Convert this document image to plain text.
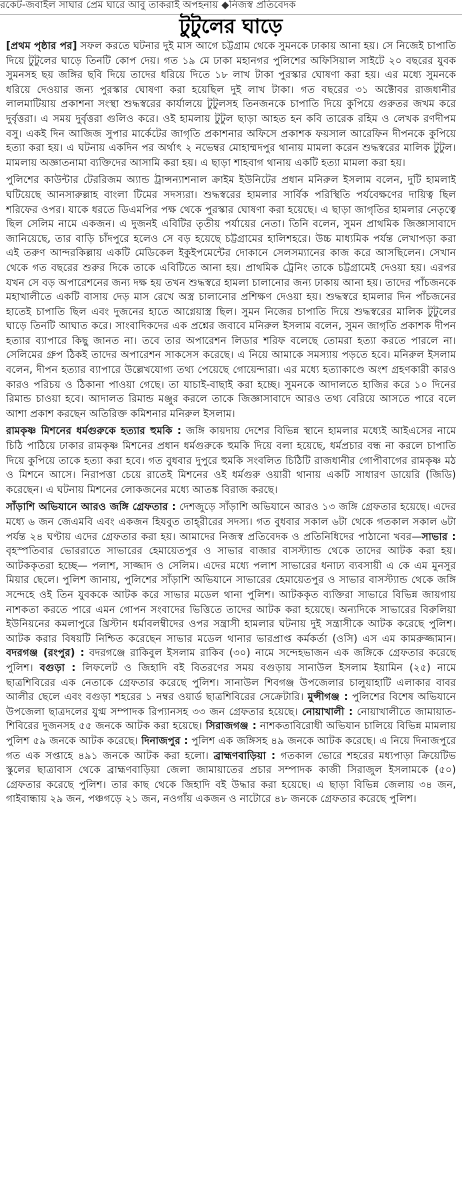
রকেট-জবাইল সাঘার প্রেম ঘারে আবু তাকরাই অপহনায় ◆নিজস্ব প্রতিবেদক
টুটুলের ঘাড়ে

[প্রথম পৃষ্ঠার পর] সফল করতে ঘটনার দুই মাস আগে চট্টগ্রাম থেকে সুমনকে ঢাকায় আনা হয়। সে নিজেই চাপাতি দিয়ে টুটুলের ঘাড়ে তিনটি কোপ দেয়। গত ১৯ মে ঢাকা মহানগর পুলিশের অফিসিয়াল সাইটে ২০ বছরের যুবক সুমনসহ ছয় জঙ্গির ছবি দিয়ে তাদের ধরিয়ে দিতে ১৮ লাখ টাকা পুরস্কার ঘোষণা করা হয়। এর মধ্যে সুমনকে ধরিয়ে দেওয়ার জন্য পুরস্কার ঘোষণা করা হয়েছিল দুই লাখ টাকা। গত বছরের ৩১ অক্টোবর রাজধানীর লালমাটিয়ায় প্রকাশনা সংস্থা শুদ্ধস্বরের কার্যালয়ে টুটুলসহ তিনজনকে চাপাতি দিয়ে কুপিয়ে গুরুতর জখম করে দুর্বৃত্তরা। এ সময় দুর্বৃত্তরা গুলিও করে। ওই হামলায় টুটুল ছাড়া আহত হন কবি তারেক রহিম ও লেখক রণদীপম বসু। একই দিন আজিজ সুপার মার্কেটের জাগৃতি প্রকাশনার অফিসে প্রকাশক ফয়সাল আরেফিন দীপনকে কুপিয়ে হত্যা করা হয়। এ ঘটনায় একদিন পর অর্থাৎ ২ নভেম্বর মোহাম্মদপুর থানায় মামলা করেন শুদ্ধস্বরের মালিক টুটুল। মামলায় অজ্ঞাতনামা ব্যক্তিদের আসামি করা হয়। এ ছাড়া শাহবাগ থানায় একটি হত্যা মামলা করা হয়।

পুলিশের কাউন্টার টেররিজম অ্যান্ড ট্রান্সন্যাশনাল ক্রাইম ইউনিটের প্রধান মনিরুল ইসলাম বলেন, দুটি হামলাই ঘটিয়েছে আনসারুল্লাহ বাংলা টিমের সদস্যরা। শুদ্ধস্বরের হামলার সার্বিক পরিস্থিতি পর্যবেক্ষণের দায়িত্ব ছিল শরিফের ওপর। যাকে ধরতে ডিএমপির পক্ষ থেকে পুরস্কার ঘোষণা করা হয়েছে। এ ছাড়া জাগৃতির হামলার নেতৃত্বে ছিল সেলিম নামে একজন। এ দুজনই এবিটির তৃতীয় পর্যায়ের নেতা। তিনি বলেন, সুমন প্রাথমিক জিজ্ঞাসাবাদে জানিয়েছে, তার বাড়ি চাঁদপুরে হলেও সে বড় হয়েছে চট্টগ্রামের হালিশহরে। উচ্চ মাধ্যমিক পর্যন্ত লেখাপড়া করা এই তরুণ আন্দরকিল্লায় একটি মেডিকেল ইকুইপমেন্টের দোকানে সেলসম্যানের কাজ করে আসছিলেন। সেখান থেকে গত বছরের শুরুর দিকে তাকে এবিটিতে আনা হয়। প্রাথমিক ট্রেনিং তাকে চট্টগ্রামেই দেওয়া হয়। এরপর যখন সে বড় অপারেশনের জন্য দক্ষ হয় তখন শুদ্ধস্বরে হামলা চালানোর জন্য ঢাকায় আনা হয়। তাদের পাঁচজনকে মহাখালীতে একটি বাসায় দেড় মাস রেখে অস্ত্র চালানোর প্রশিক্ষণ দেওয়া হয়। শুদ্ধস্বরে হামলার দিন পাঁচজনের হাতেই চাপাতি ছিল এবং দুজনের হাতে আগ্নেয়াস্ত্র ছিল। সুমন নিজের চাপাতি দিয়ে শুদ্ধস্বরের মালিক টুটুলের ঘাড়ে তিনটি আঘাত করে। সাংবাদিকদের এক প্রশ্নের জবাবে মনিরুল ইসলাম বলেন, সুমন জাগৃতি প্রকাশক দীপন হত্যার ব্যাপারে কিছু জানত না। তবে তার অপারেশন লিডার শরিফ বলেছে তোমরা হত্যা করতে পারলে না। সেলিমের গ্রুপ ঠিকই তাদের অপারেশন সাকসেস করেছে। এ নিয়ে আমাকে সমস্যায় পড়তে হবে। মনিরুল ইসলাম বলেন, দীপন হত্যার ব্যাপারে উল্লেখযোগ্য তথ্য পেয়েছে গোয়েন্দারা। এর মধ্যে হত্যাকাণ্ডে অংশ গ্রহণকারী কারও কারও পরিচয় ও ঠিকানা পাওয়া গেছে। তা যাচাই-বাছাই করা হচ্ছে। সুমনকে আদালতে হাজির করে ১০ দিনের রিমান্ড চাওয়া হবে। আদালত রিমান্ড মঞ্জুর করলে তাকে জিজ্ঞাসাবাদে আরও তথ্য বেরিয়ে আসতে পারে বলে আশা প্রকাশ করছেন অতিরিক্ত কমিশনার মনিরুল ইসলাম।

রামকৃষ্ণ মিশনের ধর্মগুরুকে হত্যার হুমকি : জঙ্গি কায়দায় দেশের বিভিন্ন স্থানে হামলার মধ্যেই আইএসের নামে চিঠি পাঠিয়ে ঢাকার রামকৃষ্ণ মিশনের প্রধান ধর্মগুরুকে হুমকি দিয়ে বলা হয়েছে, ধর্মপ্রচার বন্ধ না করলে চাপাতি দিয়ে কুপিয়ে তাকে হত্যা করা হবে। গত বুধবার দুপুরে হুমকি সংবলিত চিঠিটি রাজধানীর গোপীবাগের রামকৃষ্ণ মঠ ও মিশনে আসে। নিরাপত্তা চেয়ে রাতেই মিশনের ওই ধর্মগুরু ওয়ারী থানায় একটি সাধারণ ডায়েরি (জিডি) করেছেন। এ ঘটনায় মিশনের লোকজনের মধ্যে আতঙ্ক বিরাজ করছে।

সাঁড়াশি অভিযানে আরও জঙ্গি গ্রেফতার : দেশজুড়ে সাঁড়াশি অভিযানে আরও ১৩ জঙ্গি গ্রেফতার হয়েছে। এদের মধ্যে ৬ জন জেএমবি এবং একজন হিযবুত তাহ্‌রীরের সদস্য। গত বুধবার সকাল ৬টা থেকে গতকাল সকাল ৬টা পর্যন্ত ২৪ ঘণ্টায় এদের গ্রেফতার করা হয়। আমাদের নিজস্ব প্রতিবেদক ও প্রতিনিধিদের পাঠানো খবর—সাভার : বৃহস্পতিবার ভোররাতে সাভারের হেমায়েতপুর ও সাভার বাজার বাসস্ট্যান্ড থেকে তাদের আটক করা হয়। আটককৃতরা হচ্ছে— পলাশ, সাজ্জাদ ও সেলিম। এদের মধ্যে পলাশ সাভারের ধনাঢ্য ব্যবসায়ী এ কে এম মুনসুর মিয়ার ছেলে। পুলিশ জানায়, পুলিশের সাঁড়াশি অভিযানে সাভারের হেমায়েতপুর ও সাভার বাসস্ট্যান্ড থেকে জঙ্গি সন্দেহে ওই তিন যুবককে আটক করে সাভার মডেল থানা পুলিশ। আটককৃত ব্যক্তিরা সাভারে বিভিন্ন জায়গায় নাশকতা করতে পারে এমন গোপন সংবাদের ভিত্তিতে তাদের আটক করা হয়েছে। অন্যদিকে সাভারের বিরুলিয়া ইউনিয়নের কমলাপুরে খ্রিস্টান ধর্মাবলম্বীদের ওপর সন্ত্রাসী হামলার ঘটনায় দুই সন্ত্রাসীকে আটক করেছে পুলিশ। আটক করার বিষয়টি নিশ্চিত করেছেন সাভার মডেল থানার ভারপ্রাপ্ত কর্মকর্তা (ওসি) এস এম কামরুজ্জামান। বদরগঞ্জ (রংপুর) : বদরগঞ্জে রাকিবুল ইসলাম রাকিব (৩০) নামে সন্দেহভাজন এক জঙ্গিকে গ্রেফতার করেছে পুলিশ। বগুড়া : লিফলেট ও জিহাদি বই বিতরণের সময় বগুড়ায় সানাউল ইসলাম ইয়ামিন (২৫) নামে ছাত্রশিবিরের এক নেতাকে গ্রেফতার করেছে পুলিশ। সানাউল শিবগঞ্জ উপজেলার চালুয়াহাটি এলাকার বাবর আলীর ছেলে এবং বগুড়া শহরের ১ নম্বর ওয়ার্ড ছাত্রশিবিরের সেক্রেটারি। মুন্সীগঞ্জ : পুলিশের বিশেষ অভিযানে উপজেলা ছাত্রদলের যুগ্ম সম্পাদক রিপ্যানসহ ৩৩ জন গ্রেফতার হয়েছে। নোয়াখালী : নোয়াখালীতে জামায়াত-শিবিরের দুজনসহ ৫৫ জনকে আটক করা হয়েছে। সিরাজগঞ্জ : নাশকতাবিরোধী অভিযান চালিয়ে বিভিন্ন মামলায় পুলিশ ৫৯ জনকে আটক করেছে। দিনাজপুর : পুলিশ এক জঙ্গিসহ ৪৯ জনকে আটক করেছে। এ নিয়ে দিনাজপুরে গত এক সপ্তাহে ৪৯১ জনকে আটক করা হলো। ব্রাহ্মণবাড়িয়া : গতকাল ভোরে শহরের মধ্যপাড়া ক্রিয়েটিভ স্কুলের ছাত্রাবাস থেকে ব্রাহ্মণবাড়িয়া জেলা জামায়াতের প্রচার সম্পাদক কাজী সিরাজুল ইসলামকে (৫০) গ্রেফতার করেছে পুলিশ। তার কাছ থেকে জিহাদি বই উদ্ধার করা হয়েছে। এ ছাড়া বিভিন্ন জেলায় ৩৪ জন, গাইবান্ধায় ২৯ জন, পঞ্চগড়ে ২১ জন, নওগাঁয় একজন ও নাটোরে ৪৮ জনকে গ্রেফতার করেছে পুলিশ।
